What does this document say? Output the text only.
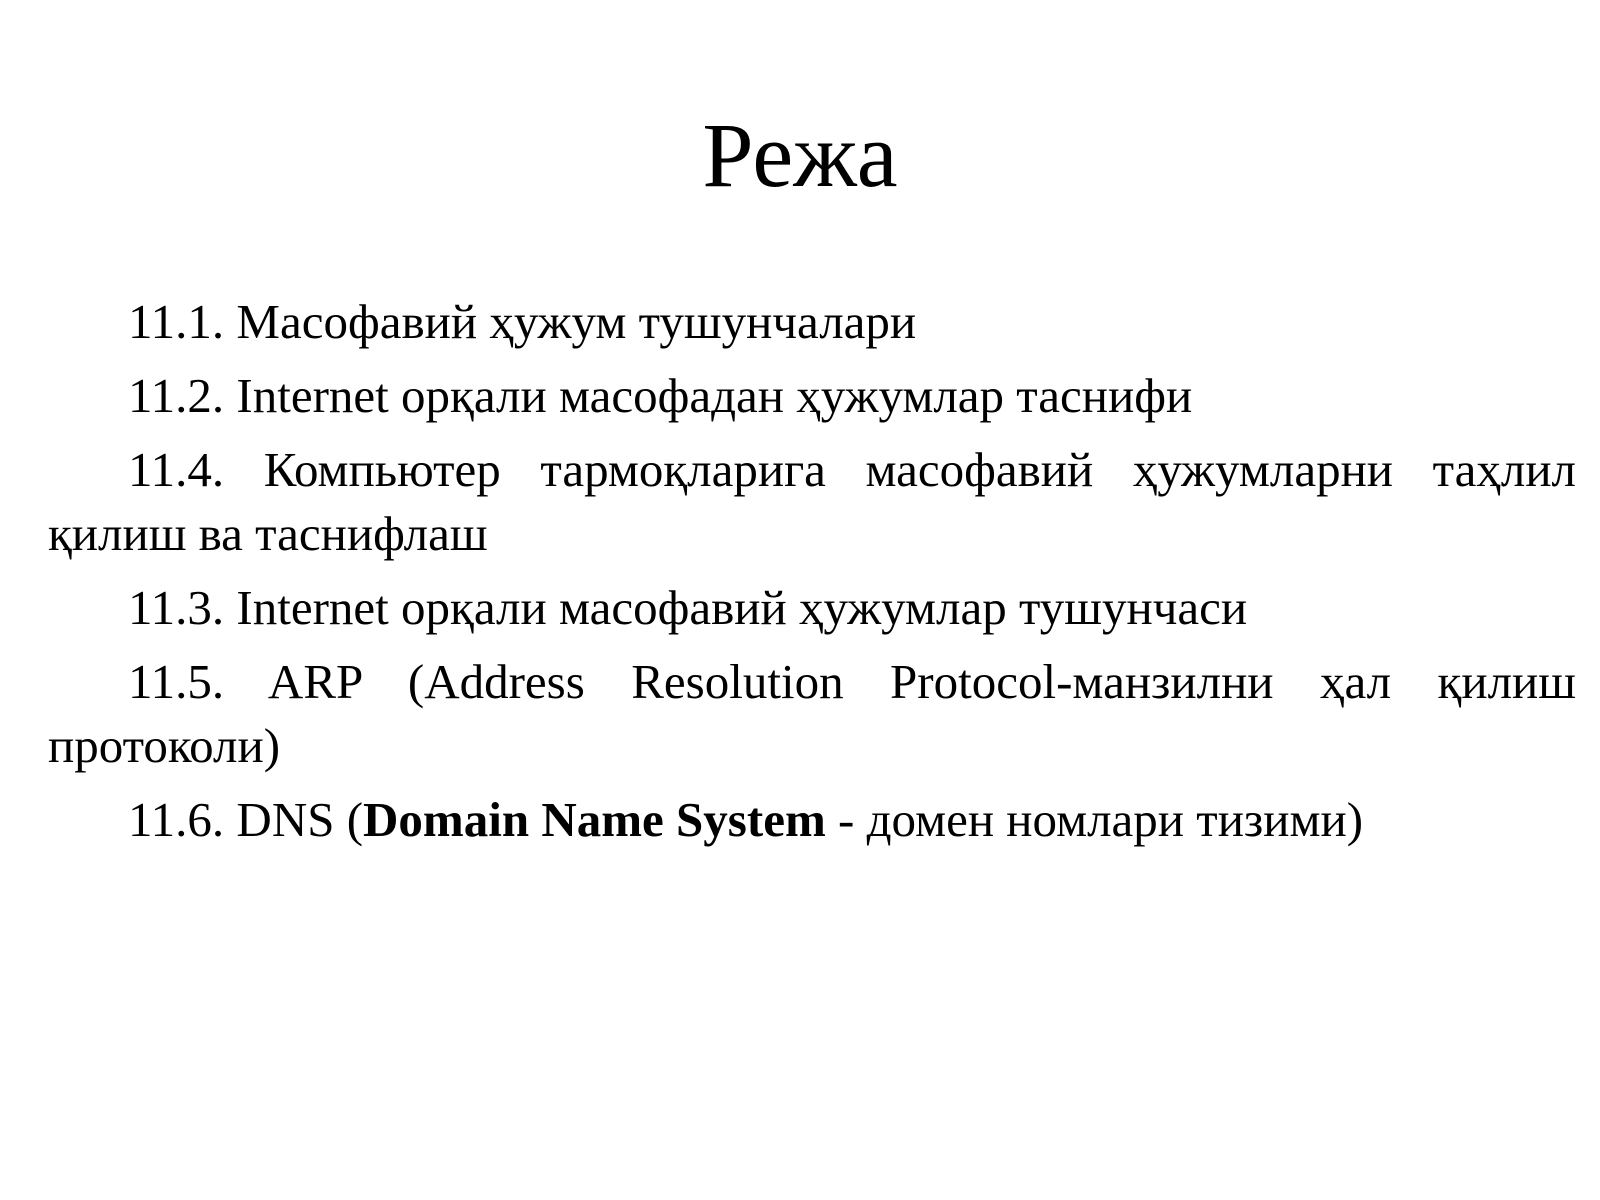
Режа
11.1. Масофавий ҳужум тушунчалари
11.2. Internet орқали масофадан ҳужумлар таснифи
11.4. Компьютер тармоқларига масофавий ҳужумларни таҳлил қилиш ва таснифлаш
11.3. Internet орқали масофавий ҳужумлар тушунчаси
11.5. ARP (Address Resolution Protocol-манзилни ҳал қилиш протоколи)
11.6. DNS (Domain Name System - домен номлари тизими)
